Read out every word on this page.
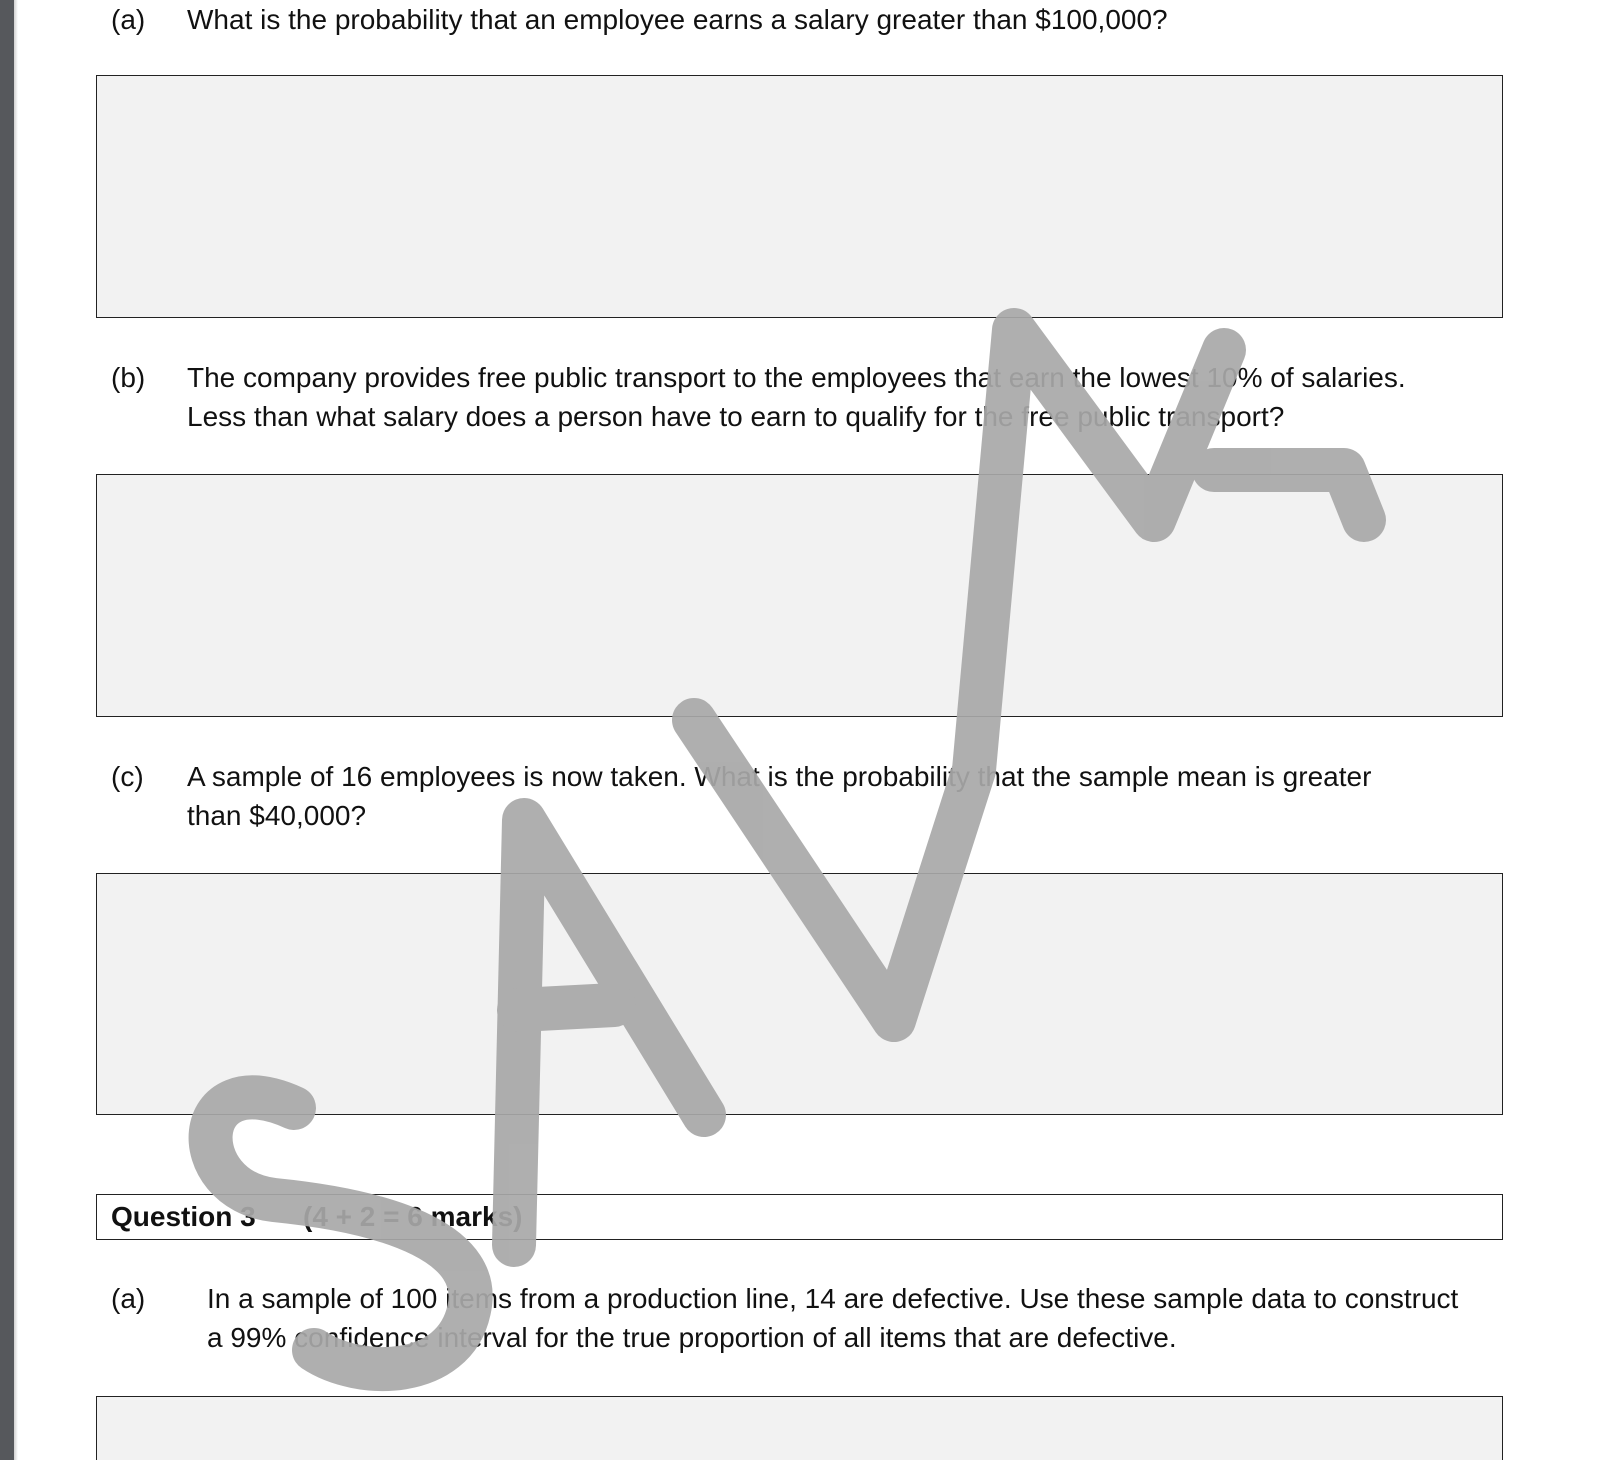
(a) What is the probability that an employee earns a salary greater than $100,000?
(b) The company provides free public transport to the employees that earn the lowest 10% of salaries.
Less than what salary does a person have to earn to qualify for the free public transport?
(c) A sample of 16 employees is now taken. What is the probability that the sample mean is greater
than $40,000?
Question 3 (4 + 2 = 6 marks)
(a) In a sample of 100 items from a production line, 14 are defective. Use these sample data to construct
a 99% confidence interval for the true proportion of all items that are defective.
